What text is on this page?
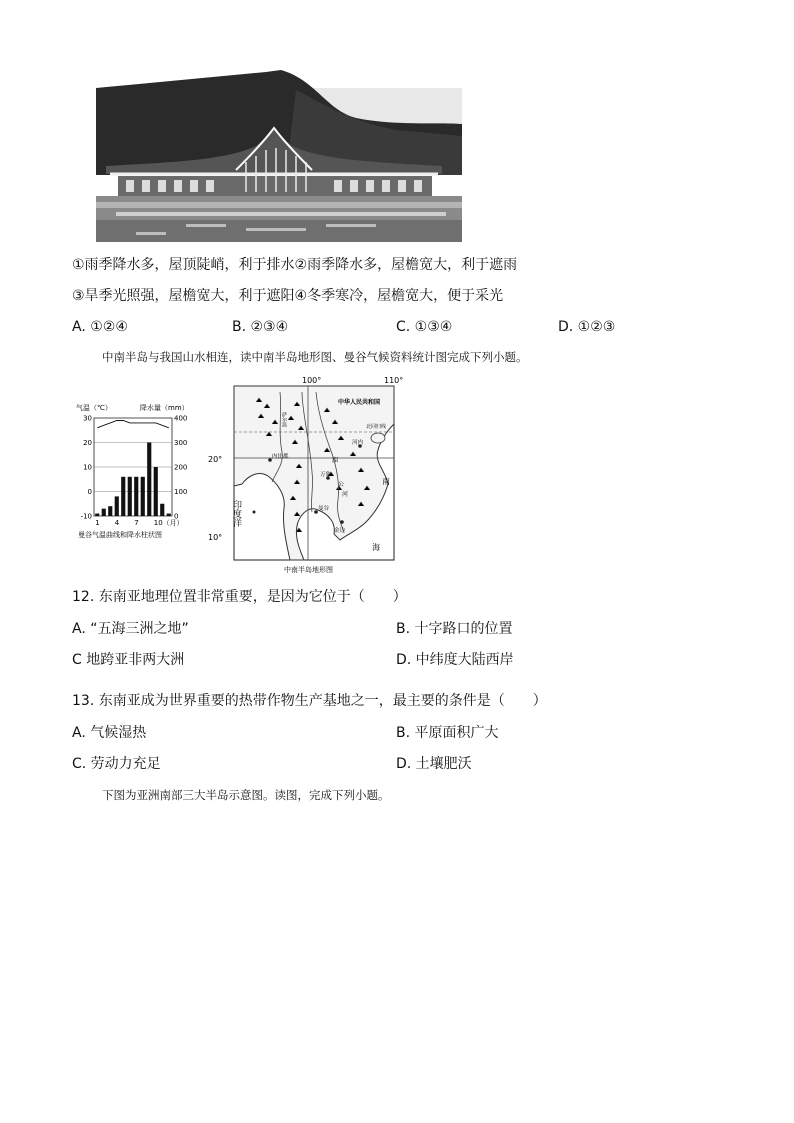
①雨季降水多，屋顶陡峭，利于排水②雨季降水多，屋檐宽大，利于遮雨
③旱季光照强，屋檐宽大，利于遮阳④冬季寒冷，屋檐宽大，便于采光
A. ①②④	B. ②③④	C. ①③④	D. ①②③
中南半岛与我国山水相连，读中南半岛地形图、曼谷气候资料统计图完成下列小题。
气温（℃）	降水量（mm）
0
100
200
300
400
-10
0
10
20
30
1 4 7 10（月）
曼谷气温曲线和降水柱状图
100°	110°
20°
10°
中华人民共和国
北回归线
印度洋
海
南
内比都
万象
河内
曼谷
金边
湄
公
河
萨尔温
中南半岛地形图
12. 东南亚地理位置非常重要，是因为它位于（　　）
A. “五海三洲之地”	B. 十字路口的位置
C 地跨亚非两大洲	D. 中纬度大陆西岸
13. 东南亚成为世界重要的热带作物生产基地之一，最主要的条件是（　　）
A. 气候湿热	B. 平原面积广大
C. 劳动力充足	D. 土壤肥沃
下图为亚洲南部三大半岛示意图。读图，完成下列小题。
